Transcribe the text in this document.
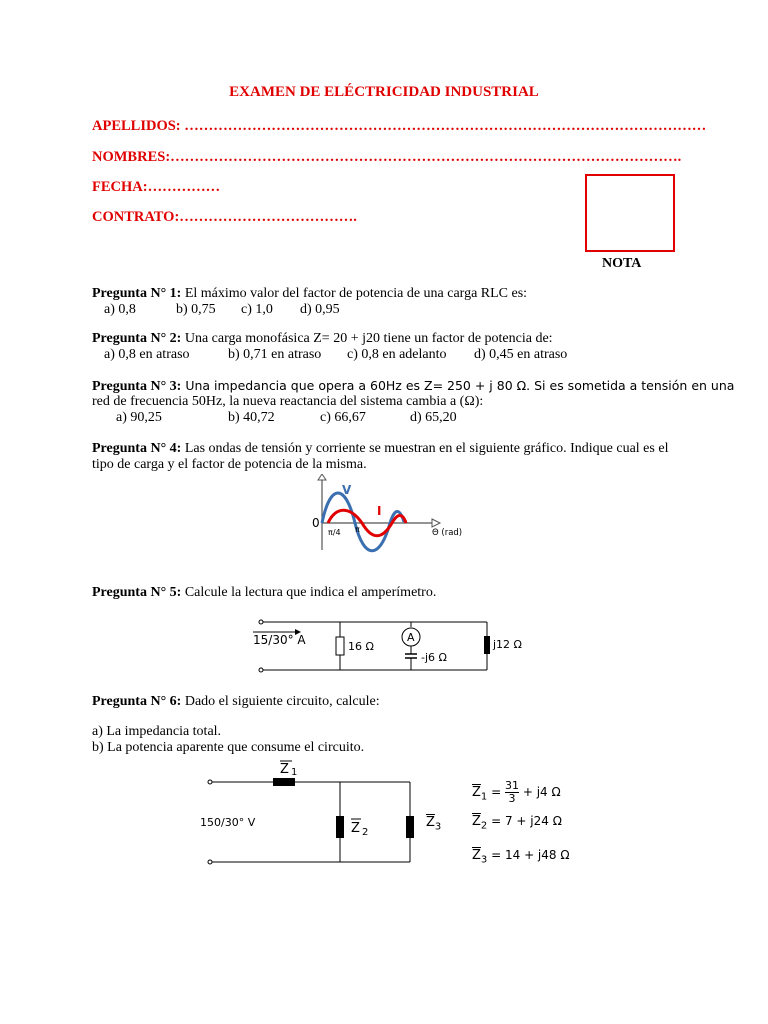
EXAMEN DE ELÉCTRICIDAD INDUSTRIAL
APELLIDOS: ………………………………………………………………………………………………
NOMBRES:…………………………………………………………………………………………….
FECHA:……………
CONTRATO:……………………………….
NOTA
Pregunta N° 1: El máximo valor del factor de potencia de una carga RLC es:
a) 0,8	b) 0,75 c) 1,0 d) 0,95
Pregunta N° 2: Una carga monofásica Z= 20 + j20 tiene un factor de potencia de:
a) 0,8 en atraso	b) 0,71 en atraso c) 0,8 en adelanto d) 0,45 en atraso
Pregunta N° 3: Una impedancia que opera a 60Hz es Z= 250 + j 80 Ω. Si es sometida a tensión en una
red de frecuencia 50Hz, la nueva reactancia del sistema cambia a (Ω):
a) 90,25	b) 40,72	c) 66,67	d) 65,20
Pregunta N° 4: Las ondas de tensión y corriente se muestran en el siguiente gráfico. Indique cual es el
tipo de carga y el factor de potencia de la misma.
0
V
I
π/4 π	Θ (rad)
Pregunta N° 5: Calcule la lectura que indica el amperímetro.
15/30° A	16 Ω
A
-j6 Ω
j12 Ω
Pregunta N° 6: Dado el siguiente circuito, calcule:
a) La impedancia total.
b) La potencia aparente que consume el circuito.
Z 1
Z 2
150/30° V	$\overline{Z}_3$
$\overline{Z}_1 = \frac{31}{3} + j4$ Ω
$\overline{Z}_2 = 7 + j24$ Ω
$\overline{Z}_3 = 14 + j48$ Ω
